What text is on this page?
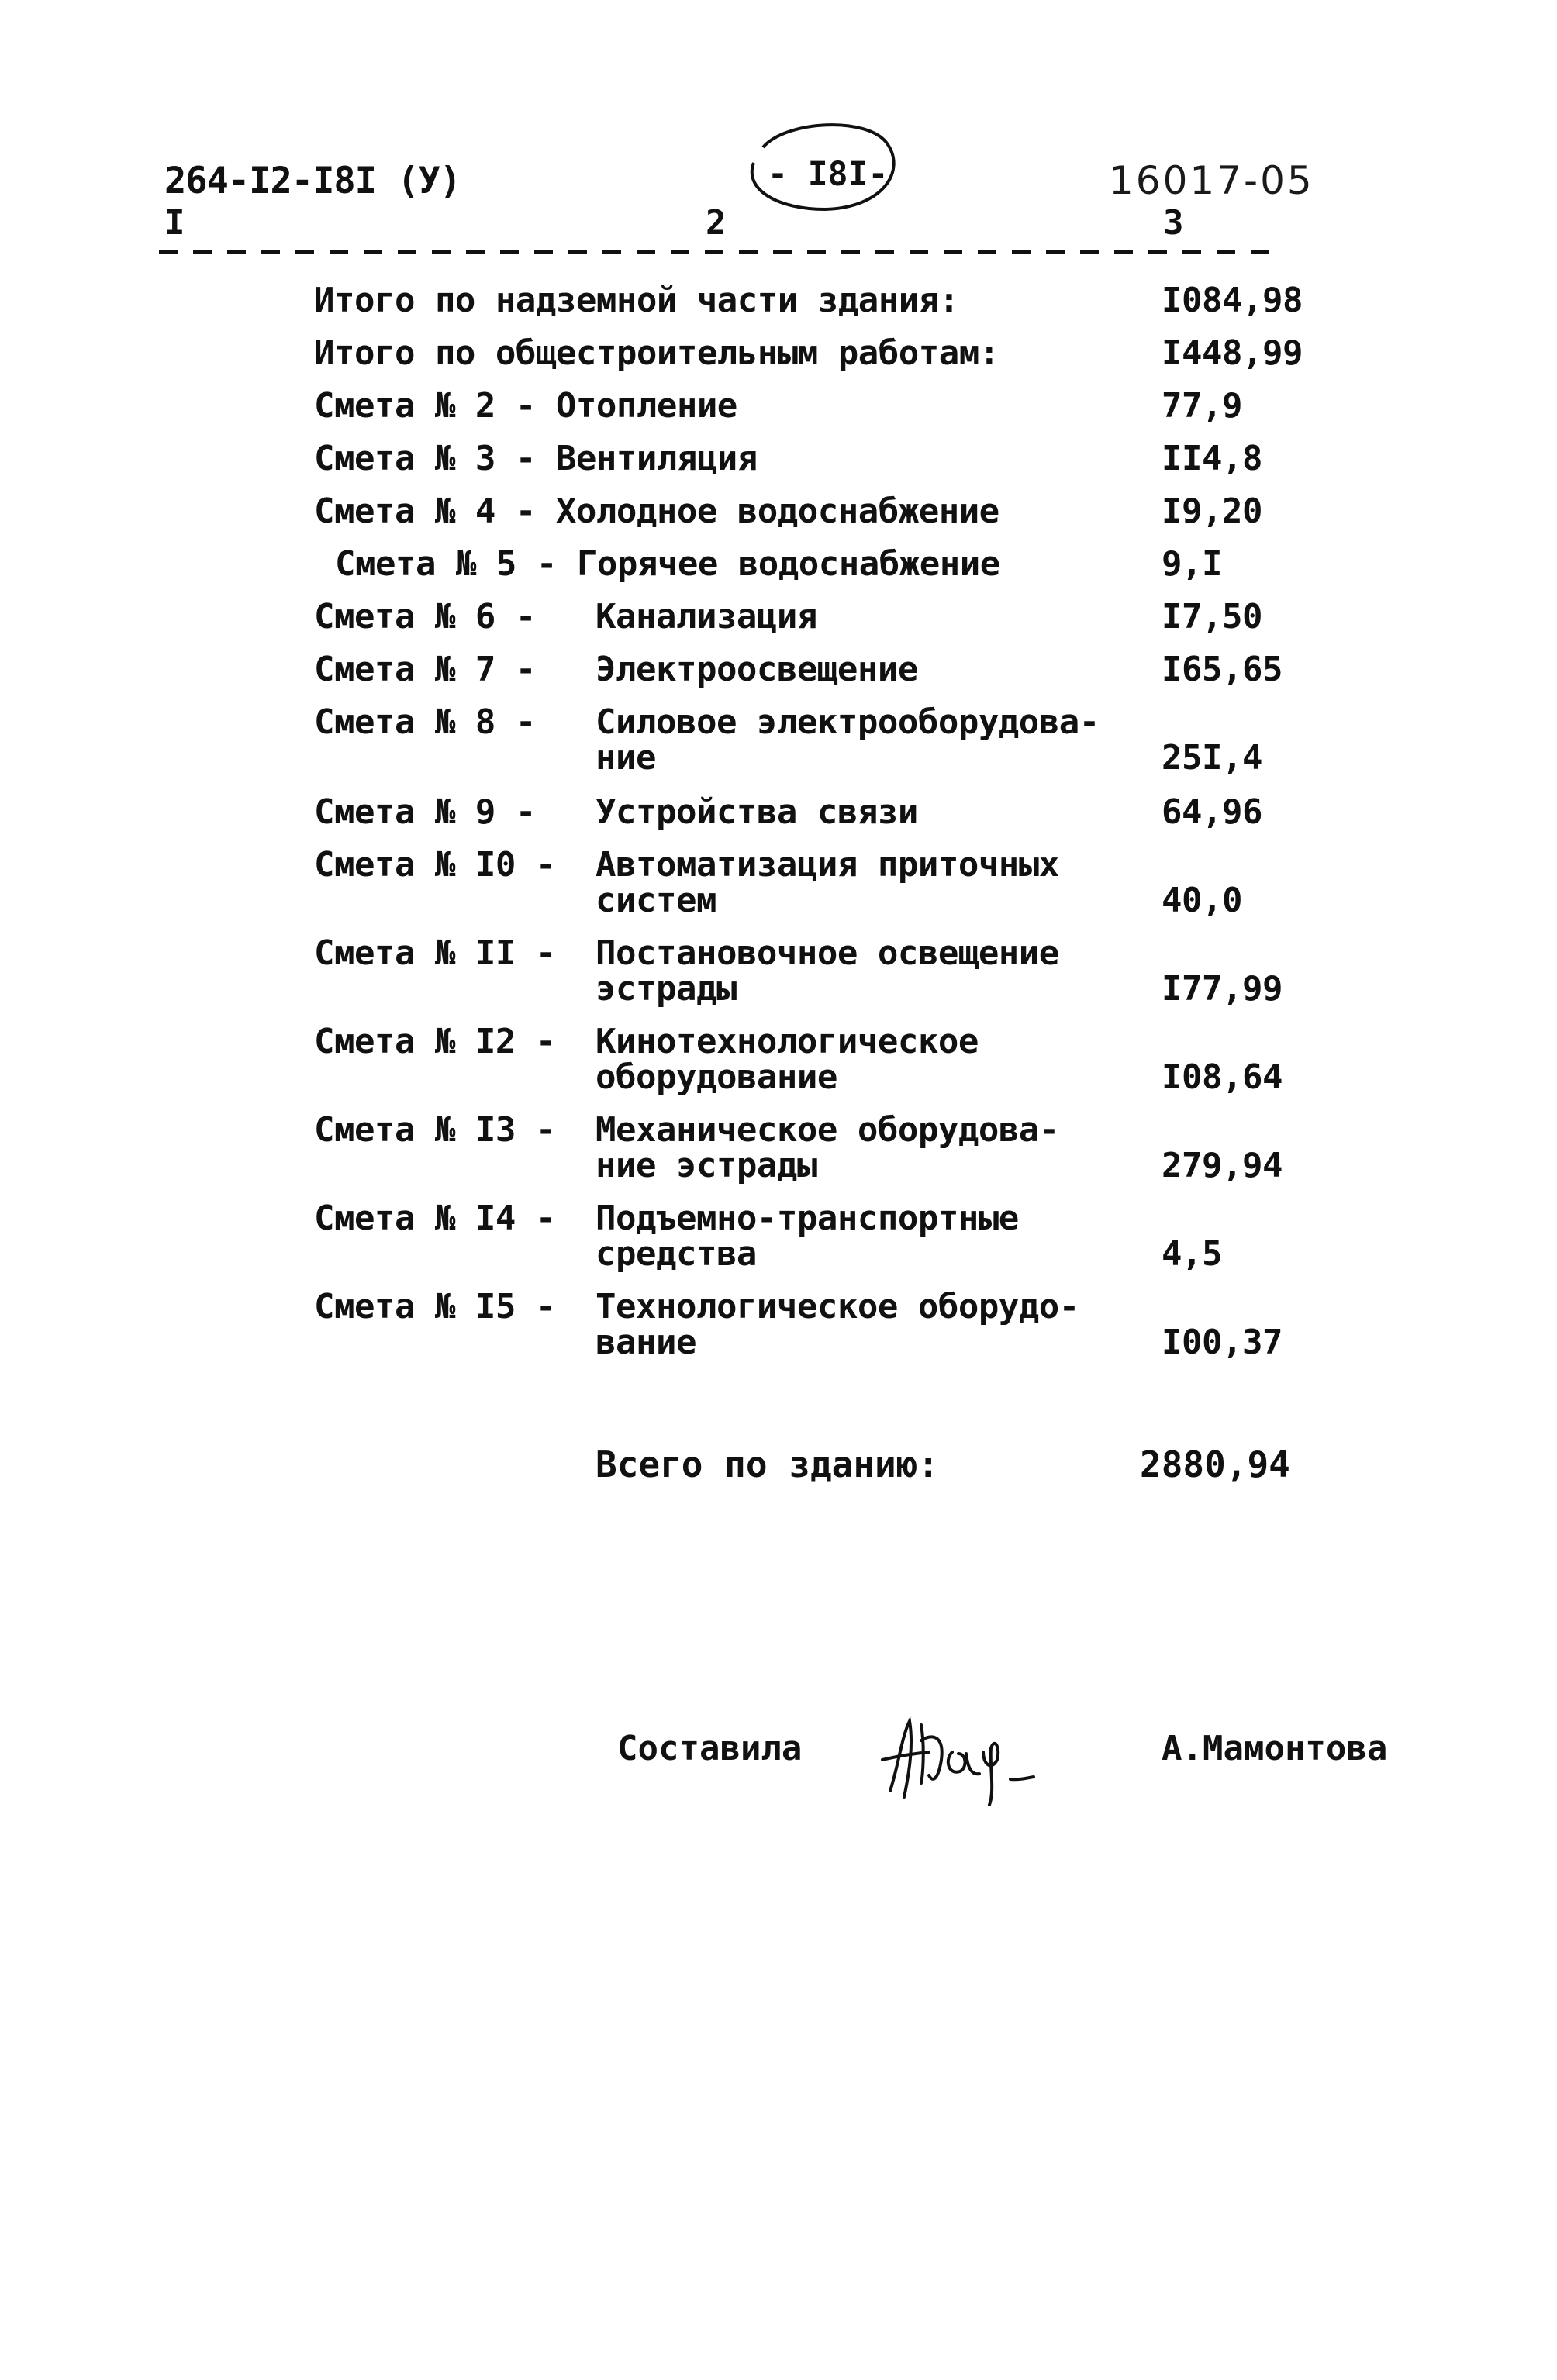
264-I2-I8I (У)	- I8I-	16017-05
I	2	3
Итого по надземной части здания:	I084,98
Итого по общестроительным работам:	I448,99
Смета № 2 - Отопление	77,9
Смета № 3 - Вентиляция	II4,8
Смета № 4 - Холодное водоснабжение	I9,20
Смета № 5 - Горячее водоснабжение	9,I
Смета № 6 - Канализация	I7,50
Смета № 7 - Электроосвещение	I65,65
Смета № 8 - Силовое электрооборудова-
ние	25I,4
Смета № 9 - Устройства связи	64,96
Смета № I0 - Автоматизация приточных
систем	40,0
Смета № II - Постановочное освещение
эстрады	I77,99
Смета № I2 - Кинотехнологическое
оборудование	I08,64
Смета № I3 - Механическое оборудова-
ние эстрады	279,94
Смета № I4 - Подъемно-транспортные
средства	4,5
Смета № I5 - Технологическое оборудо-
вание	I00,37
Всего по зданию:	2880,94
Составила	А.Мамонтова
